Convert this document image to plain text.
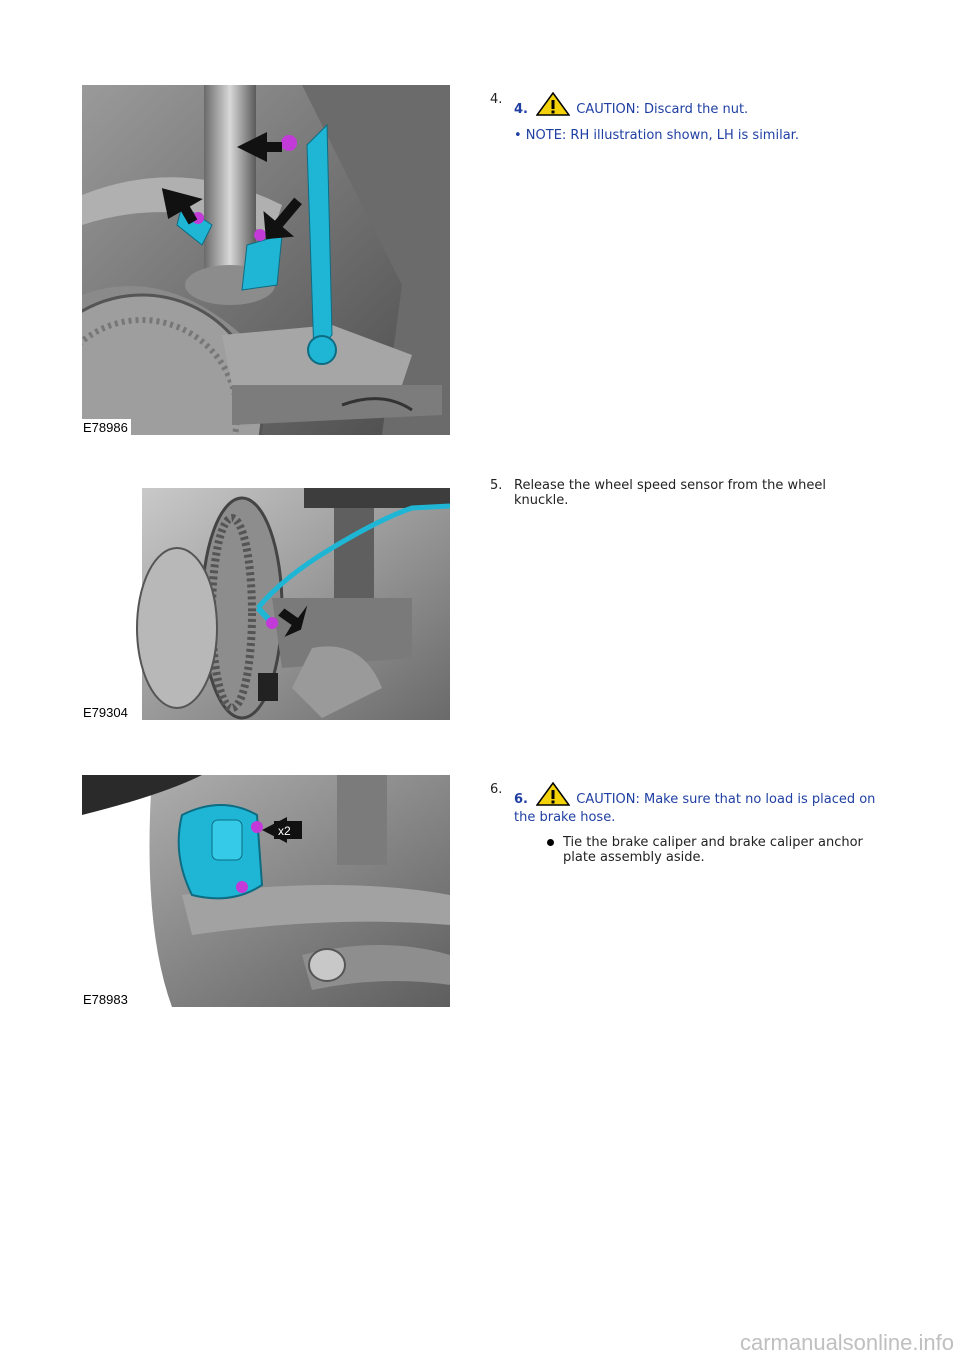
E78986
4.
4.	CAUTION: Discard the nut.
• NOTE: RH illustration shown, LH is similar.
E79304
5. Release the wheel speed sensor from the wheel
knuckle.
x2
E78983
6.
6.	CAUTION: Make sure that no load is placed on
the brake hose.
Tie the brake caliper and brake caliper anchor
plate assembly aside.
carmanualsonline.info
